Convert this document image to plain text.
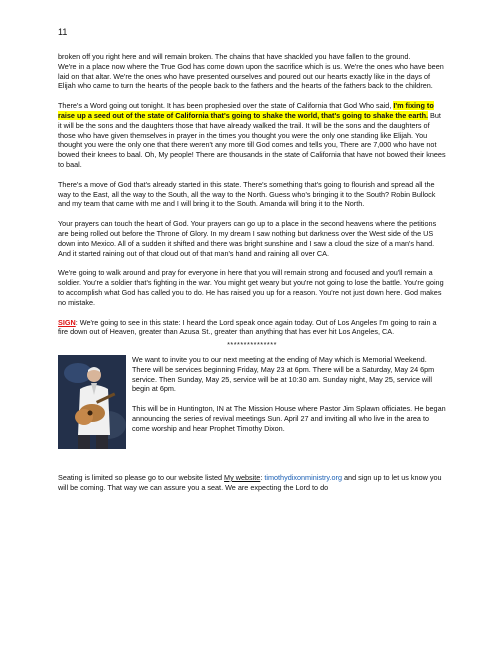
11

broken off you right here and will remain broken. The chains that have shackled you have fallen to the ground.

We're in a place now where the True God has come down upon the sacrifice which is us. We're the ones who have been laid on that altar. We're the ones who have presented ourselves and poured out our hearts exactly like in the days of Elijah who came to turn the hearts of the people back to the fathers and the hearts of the fathers back to the children.

There's a Word going out tonight. It has been prophesied over the state of California that God Who said, I'm fixing to raise up a seed out of the state of California that's going to shake the world, that's going to shake the earth. But it will be the sons and the daughters those that have already walked the trail. It will be the sons and the daughters of those who have given themselves in prayer in the times you thought you were the only one standing like Elijah. You thought you were the only one that there weren't any more till God comes and tells you, There are 7,000 who have not bowed their knees to baal. Oh, My people! There are thousands in the state of California that have not bowed their knees to baal.

There's a move of God that's already started in this state. There's something that's going to flourish and spread all the way to the East, all the way to the South, all the way to the North. Guess who's bringing it to the South? Robin Bullock and my team that came with me and I will bring it to the South. Amanda will bring it to the North.

Your prayers can touch the heart of God. Your prayers can go up to a place in the second heavens where the petitions are being rolled out before the Throne of Glory. In my dream I saw nothing but darkness over the West side of the US down into Mexico. All of a sudden it shifted and there was bright sunshine and I saw a cloud the size of a man's hand. And it started raining out of that cloud out of that man's hand and raining all over CA.

We're going to walk around and pray for everyone in here that you will remain strong and focused and you'll remain a soldier. You're a soldier that's fighting in the war. You might get weary but you're not going to lose the battle. You're going to accomplish what God has called you to do. He has raised you up for a reason. You're not just down here. God makes no mistake.

SIGN: We're going to see in this state: I heard the Lord speak once again today. Out of Los Angeles I'm going to rain a fire down out of Heaven, greater than Azusa St., greater than anything that has ever hit Los Angeles, CA.

***************

We want to invite you to our next meeting at the ending of May which is Memorial Weekend. There will be services beginning Friday, May 23 at 6pm. There will be a Saturday, May 24 6pm service. Then Sunday, May 25, service will be at 10:30 am. Sunday night, May 25, service will begin at 6pm.

This will be in Huntington, IN at The Mission House where Pastor Jim Splawn officiates. He began announcing the series of revival meetings Sun. April 27 and inviting all who live in the area to come worship and hear Prophet Timothy Dixon.

Seating is limited so please go to our website listed My website: timothydixonministry.org and sign up to let us know you will be coming. That way we can assure you a seat. We are expecting the Lord to do
